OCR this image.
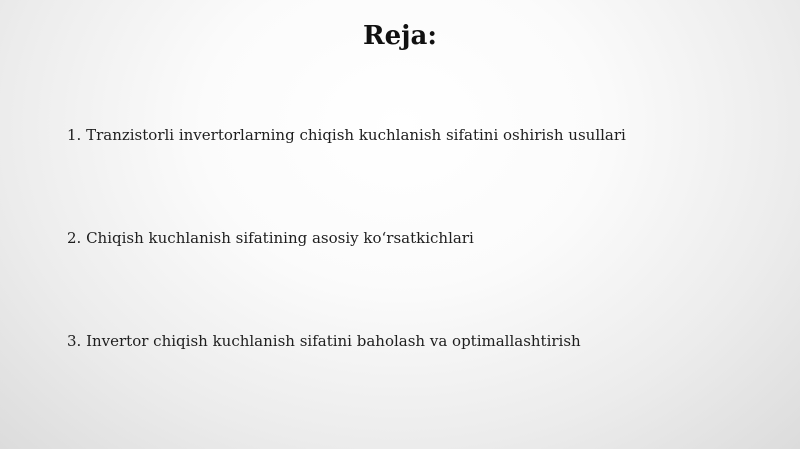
Reja:

1. Tranzistorli invertorlarning chiqish kuchlanish sifatini oshirish usullari

2. Chiqish kuchlanish sifatining asosiy ko‘rsatkichlari

3. Invertor chiqish kuchlanish sifatini baholash va optimallashtirish
